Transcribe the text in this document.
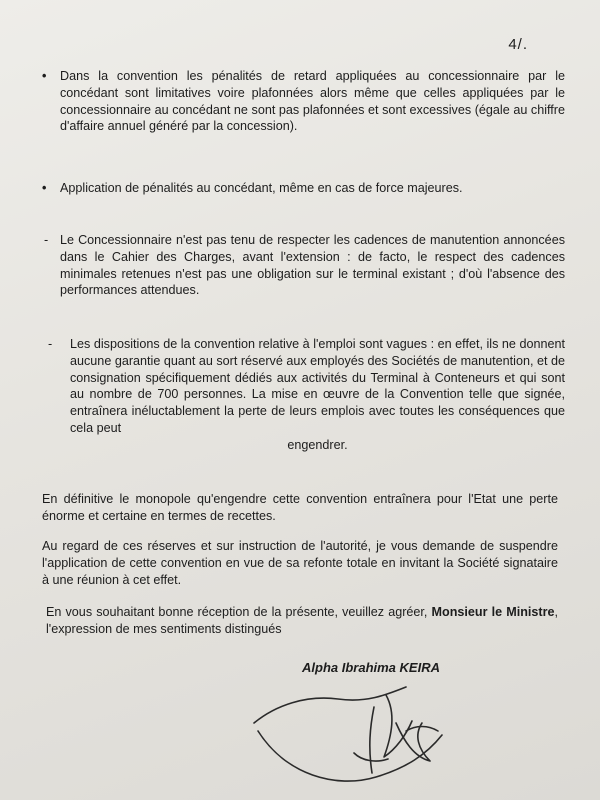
4/.

• Dans la convention les pénalités de retard appliquées au concessionnaire par le concédant sont limitatives voire plafonnées alors même que celles appliquées par le concessionnaire au concédant ne sont pas plafonnées et sont excessives (égale au chiffre d'affaire annuel généré par la concession).

• Application de pénalités au concédant, même en cas de force majeures.

- Le Concessionnaire n'est pas tenu de respecter les cadences de manutention annoncées dans le Cahier des Charges, avant l'extension : de facto, le respect des cadences minimales retenues n'est pas une obligation sur le terminal existant ; d'où l'absence des performances attendues.

- Les dispositions de la convention relative à l'emploi sont vagues : en effet, ils ne donnent aucune garantie quant au sort réservé aux employés des Sociétés de manutention, et de consignation spécifiquement dédiés aux activités du Terminal à Conteneurs et qui sont au nombre de 700 personnes. La mise en œuvre de la Convention telle que signée, entraînera inéluctablement la perte de leurs emplois avec toutes les conséquences que cela peut
engendrer.

En définitive le monopole qu'engendre cette convention entraînera pour l'Etat une perte énorme et certaine en termes de recettes.

Au regard de ces réserves et sur instruction de l'autorité, je vous demande de suspendre l'application de cette convention en vue de sa refonte totale en invitant la Société signataire à une réunion à cet effet.

En vous souhaitant bonne réception de la présente, veuillez agréer, Monsieur le Ministre, l'expression de mes sentiments distingués

Alpha Ibrahima KEIRA
